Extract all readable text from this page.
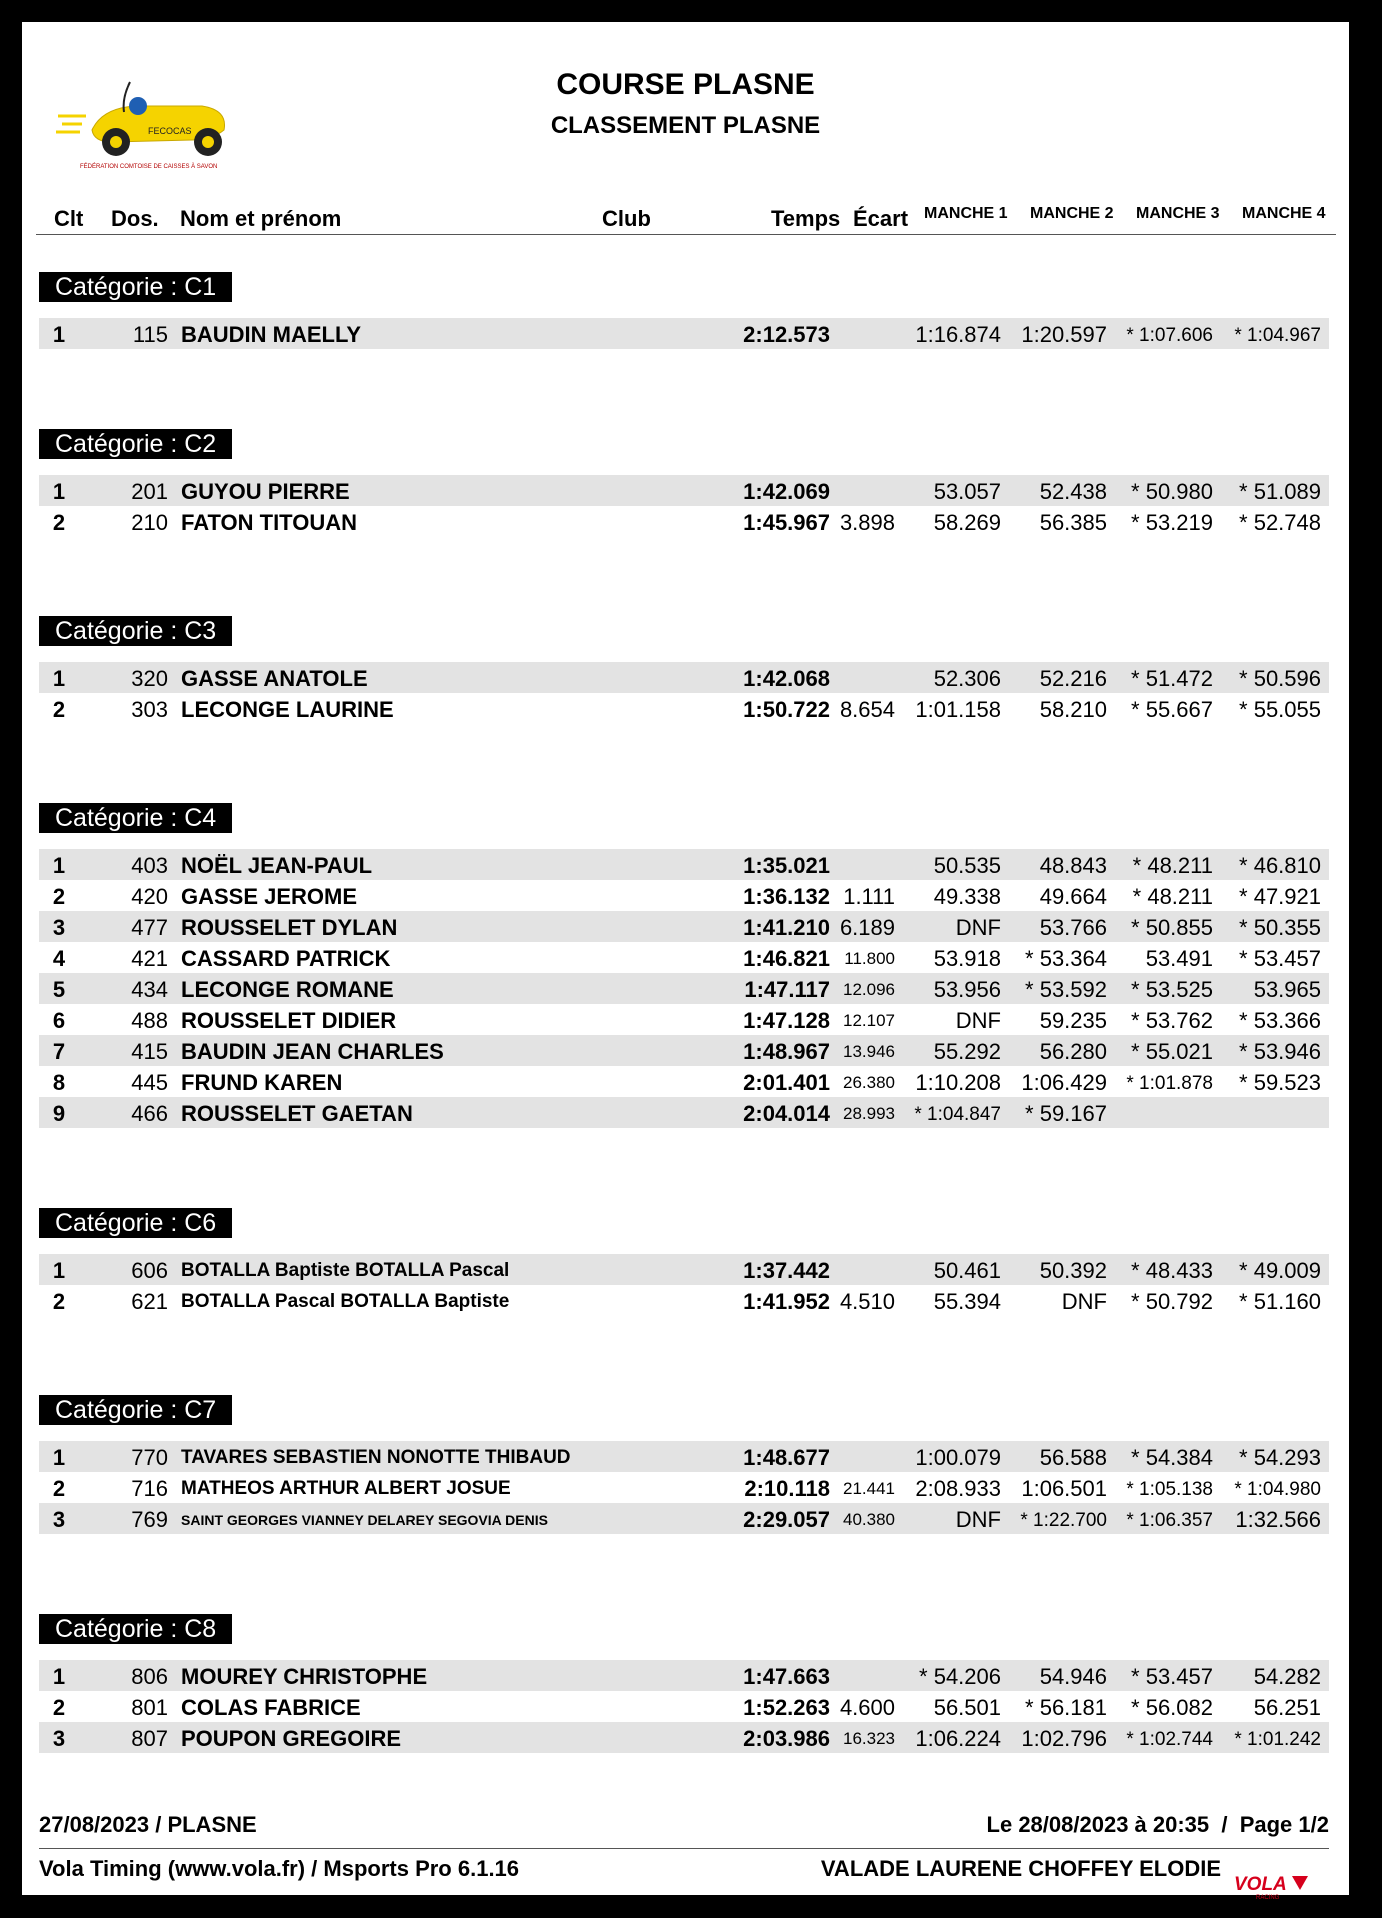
FECOCAS
FÉDÉRATION COMTOISE DE CAISSES À SAVON
COURSE PLASNE
CLASSEMENT PLASNE
Clt Dos. Nom et prénom	Club	Temps Écart MANCHE 1 MANCHE 2 MANCHE 3 MANCHE 4
27/08/2023 / PLASNE	Le 28/08/2023 à 20:35  /  Page 1/2
Vola Timing (www.vola.fr) / Msports Pro 6.1.16	VALADE LAURENE CHOFFEY ELODIE
VOLA
RACING
Catégorie : C1
1	115 BAUDIN MAELLY	2:12.573	1:16.874 1:20.597 * 1:07.606 * 1:04.967
Catégorie : C2
1	201 GUYOU PIERRE	1:42.069	53.057 52.438 * 50.980 * 51.089
2	210 FATON TITOUAN	1:45.967 3.898 58.269 56.385 * 53.219 * 52.748
Catégorie : C3
1	320 GASSE ANATOLE	1:42.068	52.306 52.216 * 51.472 * 50.596
2	303 LECONGE LAURINE	1:50.722 8.654 1:01.158 58.210 * 55.667 * 55.055
Catégorie : C4
1	403 NOËL JEAN-PAUL	1:35.021	50.535 48.843 * 48.211 * 46.810
2	420 GASSE JEROME	1:36.132 1.111 49.338 49.664 * 48.211 * 47.921
3	477 ROUSSELET DYLAN	1:41.210 6.189	DNF 53.766 * 50.855 * 50.355
4	421 CASSARD PATRICK	1:46.821 11.800 53.918 * 53.364 53.491 * 53.457
5	434 LECONGE ROMANE	1:47.117 12.096 53.956 * 53.592 * 53.525 53.965
6	488 ROUSSELET DIDIER	1:47.128 12.107	DNF 59.235 * 53.762 * 53.366
7	415 BAUDIN JEAN CHARLES	1:48.967 13.946 55.292 56.280 * 55.021 * 53.946
8	445 FRUND KAREN	2:01.401 26.380 1:10.208 1:06.429 * 1:01.878 * 59.523
9	466 ROUSSELET GAETAN	2:04.014 28.993 * 1:04.847 * 59.167
Catégorie : C6
1	606 BOTALLA Baptiste BOTALLA Pascal	1:37.442	50.461 50.392 * 48.433 * 49.009
2	621 BOTALLA Pascal BOTALLA Baptiste	1:41.952 4.510 55.394	DNF * 50.792 * 51.160
Catégorie : C7
1	770 TAVARES SEBASTIEN NONOTTE THIBAUD	1:48.677	1:00.079 56.588 * 54.384 * 54.293
2	716 MATHEOS ARTHUR ALBERT JOSUE	2:10.118 21.441 2:08.933 1:06.501 * 1:05.138 * 1:04.980
3	769 SAINT GEORGES VIANNEY DELAREY SEGOVIA DENIS	2:29.057 40.380	DNF * 1:22.700 * 1:06.357 1:32.566
Catégorie : C8
1	806 MOUREY CHRISTOPHE	1:47.663	* 54.206 54.946 * 53.457 54.282
2	801 COLAS FABRICE	1:52.263 4.600 56.501 * 56.181 * 56.082 56.251
3	807 POUPON GREGOIRE	2:03.986 16.323 1:06.224 1:02.796 * 1:02.744 * 1:01.242
